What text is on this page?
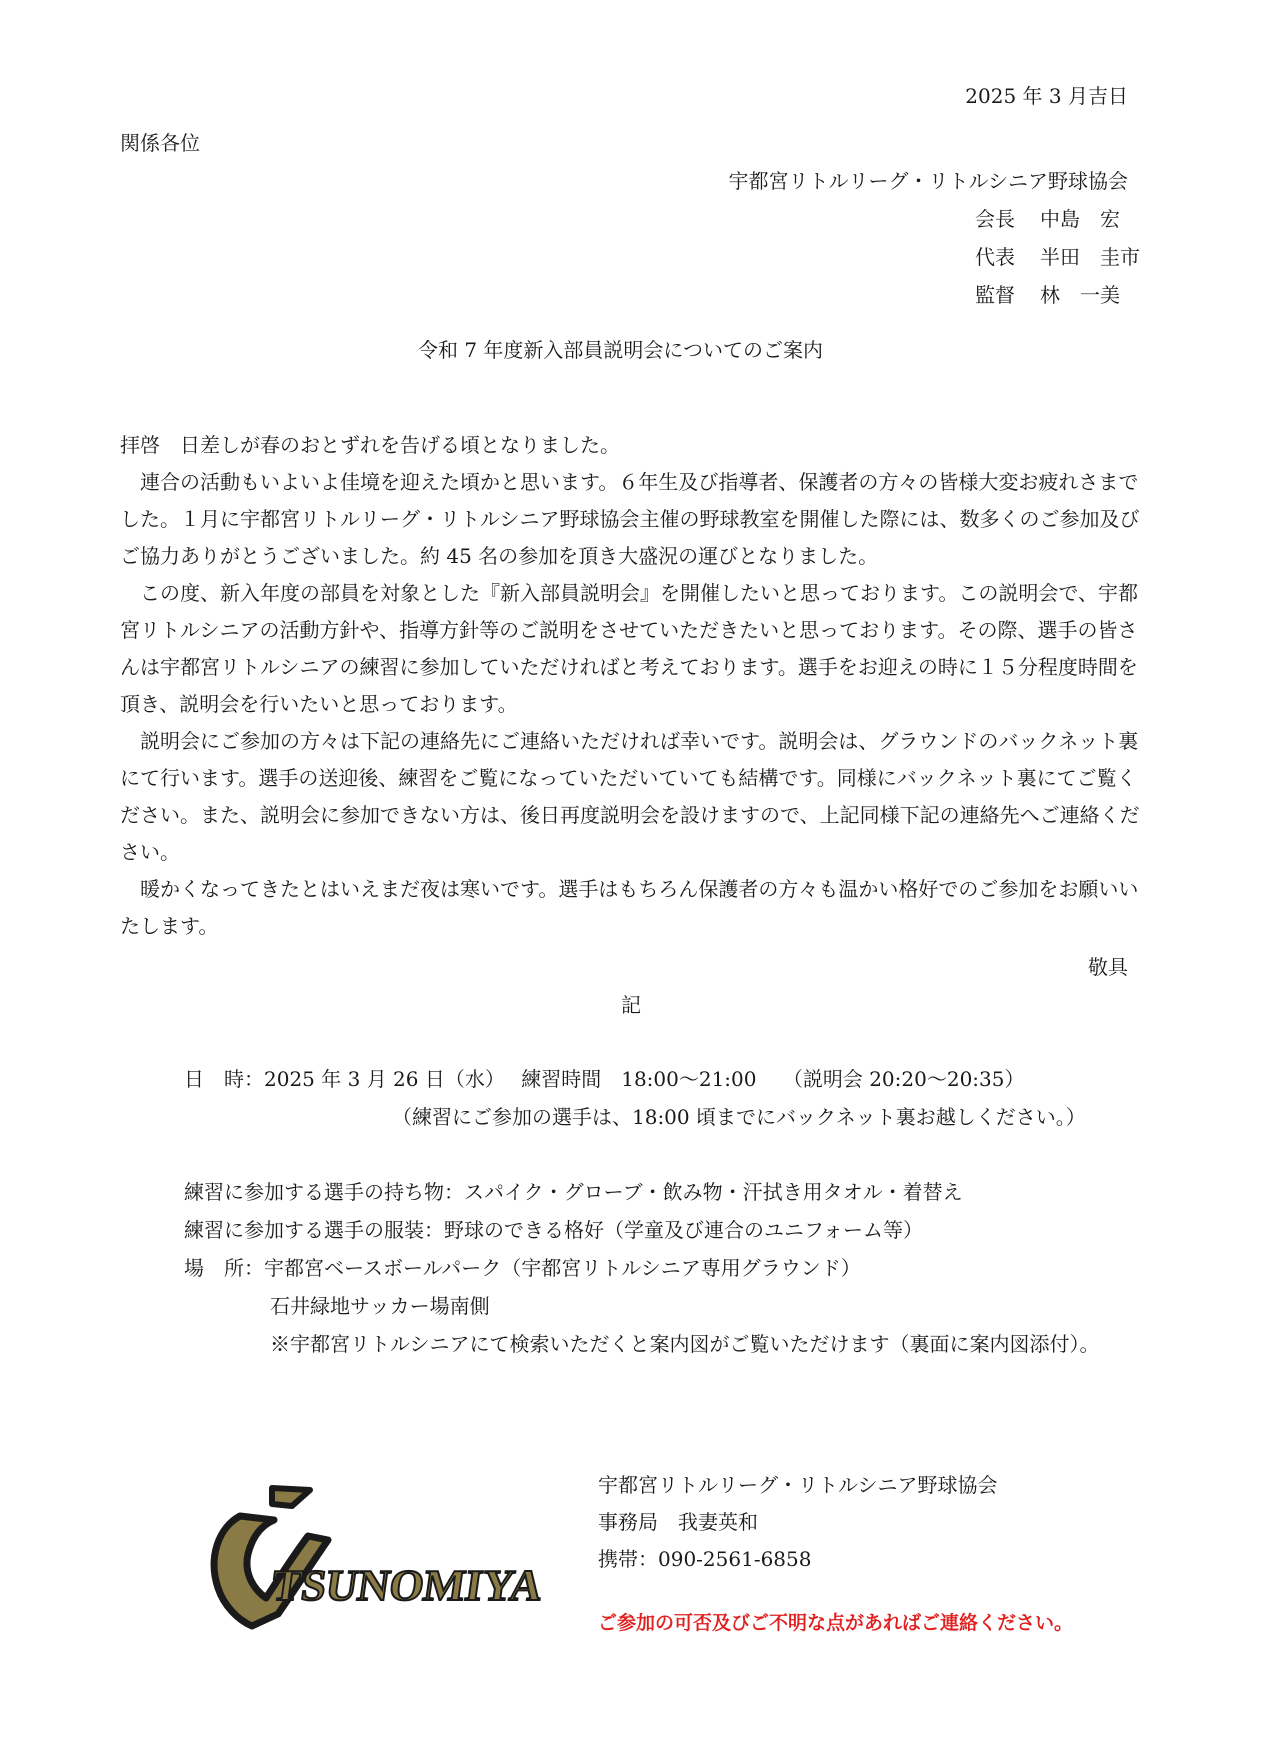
2025 年 3 月吉日
関係各位
宇都宮リトルリーグ・リトルシニア野球協会
会長 中島　宏
代表 半田　圭市
監督 林　一美
令和 7 年度新入部員説明会についてのご案内

拝啓　日差しが春のおとずれを告げる頃となりました。

連合の活動もいよいよ佳境を迎えた頃かと思います。６年生及び指導者、保護者の方々の皆様大変お疲れさまでした。１月に宇都宮リトルリーグ・リトルシニア野球協会主催の野球教室を開催した際には、数多くのご参加及びご協力ありがとうございました。約 45 名の参加を頂き大盛況の運びとなりました。

この度、新入年度の部員を対象とした『新入部員説明会』を開催したいと思っております。この説明会で、宇都宮リトルシニアの活動方針や、指導方針等のご説明をさせていただきたいと思っております。その際、選手の皆さんは宇都宮リトルシニアの練習に参加していただければと考えております。選手をお迎えの時に１５分程度時間を頂き、説明会を行いたいと思っております。

説明会にご参加の方々は下記の連絡先にご連絡いただければ幸いです。説明会は、グラウンドのバックネット裏にて行います。選手の送迎後、練習をご覧になっていただいていても結構です。同様にバックネット裏にてご覧ください。また、説明会に参加できない方は、後日再度説明会を設けますので、上記同様下記の連絡先へご連絡ください。

暖かくなってきたとはいえまだ夜は寒いです。選手はもちろん保護者の方々も温かい格好でのご参加をお願いいたします。

敬具
記
日　時：2025 年 3 月 26 日（水）　 練習時間　18:00～21:00　 （説明会 20:20～20:35）
（練習にご参加の選手は、18:00 頃までにバックネット裏お越しください。）
練習に参加する選手の持ち物：スパイク・グローブ・飲み物・汗拭き用タオル・着替え
練習に参加する選手の服装：野球のできる格好（学童及び連合のユニフォーム等）
場　所：宇都宮ベースボールパーク（宇都宮リトルシニア専用グラウンド）
石井緑地サッカー場南側
※宇都宮リトルシニアにて検索いただくと案内図がご覧いただけます（裏面に案内図添付）。
TSUNOMIYA
宇都宮リトルリーグ・リトルシニア野球協会
事務局　我妻英和
携帯：090-2561-6858
ご参加の可否及びご不明な点があればご連絡ください。
